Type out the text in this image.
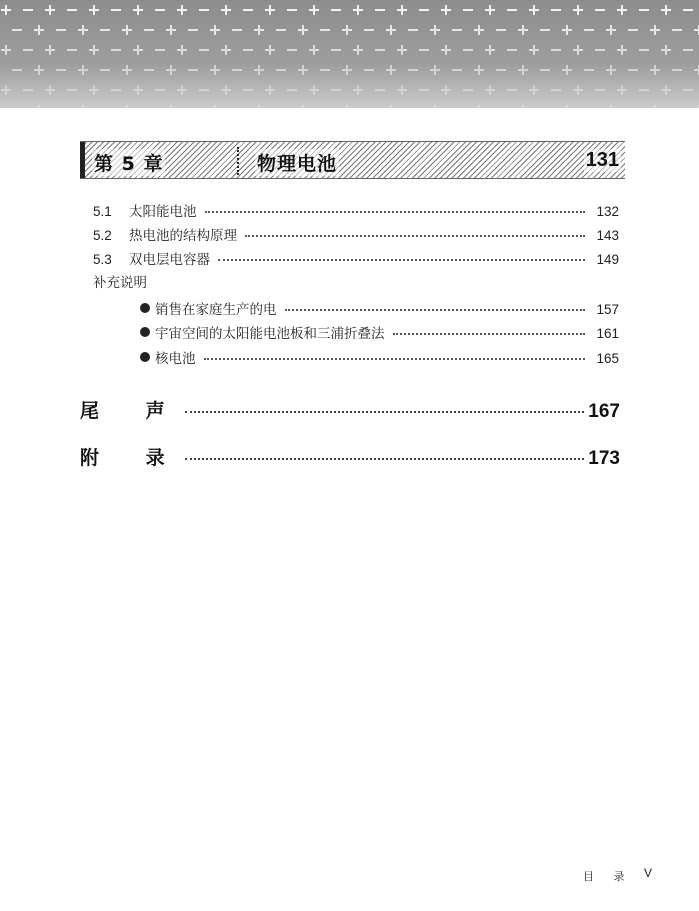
第 5 章	物理电池	131
5.1	太阳能电池	132
5.2	热电池的结构原理	143
5.3	双电层电容器	149
补充说明
销售在家庭生产的电	157
宇宙空间的太阳能电池板和三浦折叠法	161
核电池	165
尾 声	167
附 录	173
目 录 V
